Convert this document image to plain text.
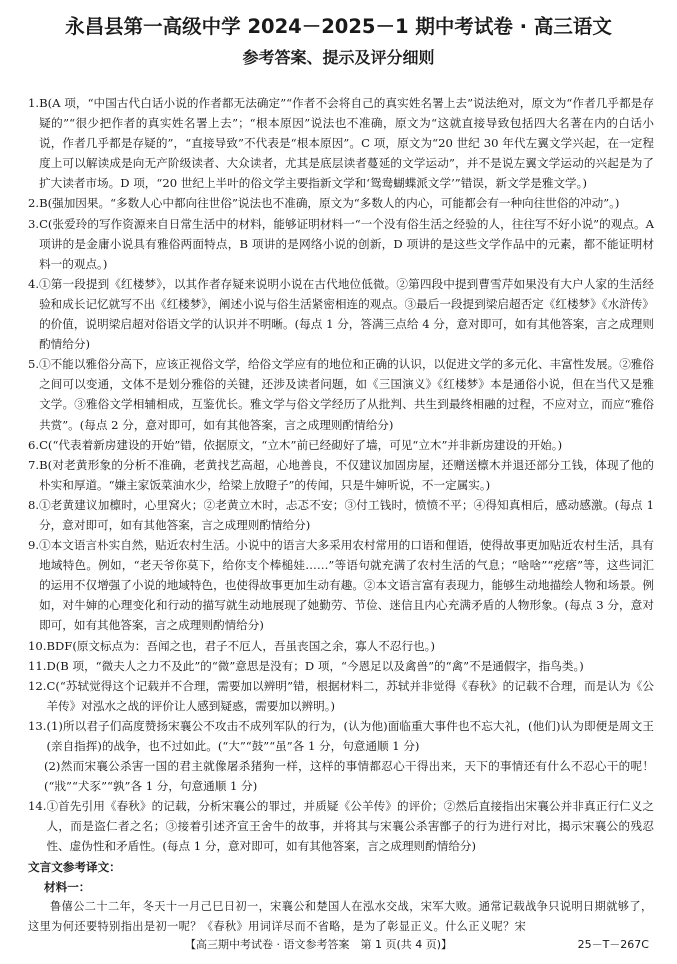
永昌县第一高级中学 2024－2025－1 期中考试卷 · 高三语文
参考答案、提示及评分细则
1. B(A 项，“中国古代白话小说的作者都无法确定”“作者不会将自己的真实姓名署上去”说法绝对，原文为“作者几乎都是存疑的”“很少把作者的真实姓名署上去”；“根本原因”说法也不准确，原文为“这就直接导致包括四大名著在内的白话小说，作者几乎都是存疑的”，“直接导致”不代表是“根本原因”。C 项，原文为“20 世纪 30 年代左翼文学兴起，在一定程度上可以解读成是向无产阶级读者、大众读者，尤其是底层读者蔓延的文学运动”，并不是说左翼文学运动的兴起是为了扩大读者市场。D 项，“20 世纪上半叶的俗文学主要指新文学和‘鸳鸯蝴蝶派文学’”错误，新文学是雅文学。)
2. B(强加因果。“多数人心中都向往世俗”说法也不准确，原文为“多数人的内心，可能都会有一种向往世俗的冲动”。)
3. C(张爱玲的写作资源来自日常生活中的材料，能够证明材料一“一个没有俗生活之经验的人，往往写不好小说”的观点。A 项讲的是金庸小说具有雅俗两面特点，B 项讲的是网络小说的创新，D 项讲的是这些文学作品中的元素，都不能证明材料一的观点。)
4. ①第一段提到《红楼梦》，以其作者存疑来说明小说在古代地位低微。②第四段中提到曹雪芹如果没有大户人家的生活经验和成长记忆就写不出《红楼梦》，阐述小说与俗生活紧密相连的观点。③最后一段提到梁启超否定《红楼梦》《水浒传》的价值，说明梁启超对俗语文学的认识并不明晰。(每点 1 分，答满三点给 4 分，意对即可，如有其他答案，言之成理则酌情给分)
5. ①不能以雅俗分高下，应该正视俗文学，给俗文学应有的地位和正确的认识，以促进文学的多元化、丰富性发展。②雅俗之间可以变通，文体不是划分雅俗的关键，还涉及读者问题，如《三国演义》《红楼梦》本是通俗小说，但在当代又是雅文学。③雅俗文学相辅相成，互鉴优长。雅文学与俗文学经历了从批判、共生到最终相融的过程，不应对立，而应“雅俗共赏”。(每点 2 分，意对即可，如有其他答案，言之成理则酌情给分)
6. C(“代表着新房建设的开始”错，依据原文，“立木”前已经砌好了墙，可见“立木”并非新房建设的开始。)
7. B(对老黄形象的分析不准确，老黄找艺高超，心地善良，不仅建议加固房屋，还赠送檩木并退还部分工钱，体现了他的朴实和厚道。“嫌主家饭菜油水少，给梁上放瞪子”的传闻，只是牛婶听说，不一定属实。)
8. ①老黄建议加檩时，心里窝火；②老黄立木时，忐忑不安；③付工钱时，愤愤不平；④得知真相后，感动感激。(每点 1 分，意对即可，如有其他答案，言之成理则酌情给分)
9. ①本文语言朴实自然，贴近农村生活。小说中的语言大多采用农村常用的口语和俚语，使得故事更加贴近农村生活，具有地域特色。例如，“老天爷你莫下，给你支个棒槌娃……”等语句就充满了农村生活的气息；“啥啥”“疙瘩”等，这些词汇的运用不仅增强了小说的地域特色，也使得故事更加生动有趣。②本文语言富有表现力，能够生动地描绘人物和场景。例如，对牛婶的心理变化和行动的描写就生动地展现了她勤劳、节俭、迷信且内心充满矛盾的人物形象。(每点 3 分，意对即可，如有其他答案，言之成理则酌情给分)
10. BDF(原文标点为：吾闻之也，君子不厄人，吾虽丧国之余，寡人不忍行也。)
11. D(B 项，“微夫人之力不及此”的“微”意思是没有；D 项，“今恩足以及禽兽”的“禽”不是通假字，指鸟类。)
12. C(“苏轼觉得这个记载并不合理，需要加以辨明”错，根据材料二，苏轼并非觉得《春秋》的记载不合理，而是认为《公羊传》对泓水之战的评价让人感到疑惑，需要加以辨明。)
13. (1)所以君子们高度赞扬宋襄公不攻击不成列军队的行为，(认为他)面临重大事件也不忘大礼，(他们)认为即便是周文王(亲自指挥)的战争，也不过如此。(“大”“鼓”“虽”各 1 分，句意通顺 1 分)
(2)然而宋襄公杀害一国的君主就像屠杀猪狗一样，这样的事情都忍心干得出来，天下的事情还有什么不忍心干的呢！(“戕”“犬豕”“孰”各 1 分，句意通顺 1 分)
14. ①首先引用《春秋》的记载，分析宋襄公的罪过，并质疑《公羊传》的评价；②然后直接指出宋襄公并非真正行仁义之人，而是盗仁者之名；③接着引述齐宣王舍牛的故事，并将其与宋襄公杀害鄫子的行为进行对比，揭示宋襄公的残忍性、虚伪性和矛盾性。(每点 1 分，意对即可，如有其他答案，言之成理则酌情给分)
文言文参考译文：
材料一：
鲁僖公二十二年，冬天十一月己巳日初一，宋襄公和楚国人在泓水交战，宋军大败。通常记载战争只说明日期就够了，这里为何还要特别指出是初一呢？《春秋》用词详尽而不省略，是为了彰显正义。什么正义呢？宋
【高三期中考试卷 · 语文参考答案　第 1 页(共 4 页)】	25－T－267C
